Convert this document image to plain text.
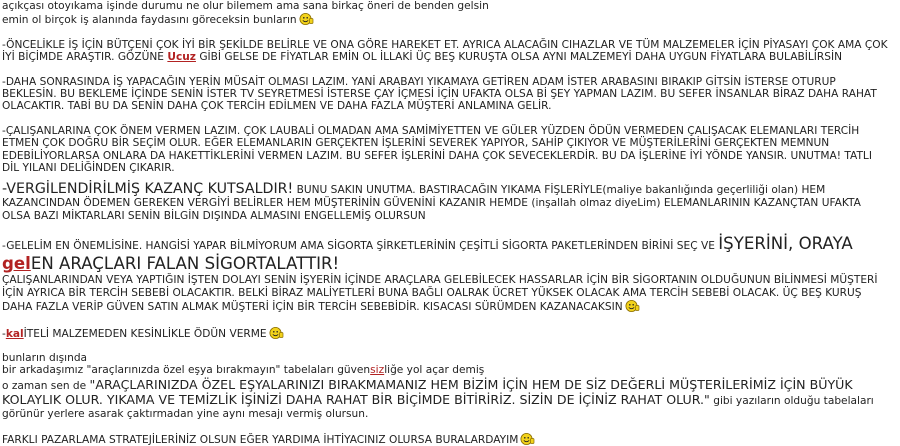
açıkçası otoyıkama işinde durumu ne olur bilemem ama sana birkaç öneri de benden gelsin

emin ol birçok iş alanında faydasını göreceksin bunların

-ÖNCELİKLE İŞ İÇİN BÜTÇENİ ÇOK İYİ BİR ŞEKİLDE BELİRLE VE ONA GÖRE HAREKET ET. AYRICA ALACAĞIN CIHAZLAR VE TÜM MALZEMELER İÇİN PİYASAYI ÇOK AMA ÇOK İYİ BİÇİMDE ARAŞTIR. GÖZÜNE Ucuz GİBİ GELSE DE FİYATLAR EMİN OL İLLAKİ ÜÇ BEŞ KURUŞTA OLSA AYNI MALZEMEYİ DAHA UYGUN FİYATLARA BULABİLİRSİN

-DAHA SONRASINDA İŞ YAPACAĞIN YERİN MÜSAİT OLMASI LAZIM. YANİ ARABAYI YIKAMAYA GETİREN ADAM İSTER ARABASINI BIRAKIP GİTSİN İSTERSE OTURUP BEKLESİN. BU BEKLEME İÇİNDE SENİN İSTER TV SEYRETMESİ İSTERSE ÇAY İÇMESİ İÇİN UFAKTA OLSA Bİ ŞEY YAPMAN LAZIM. BU SEFER İNSANLAR BİRAZ DAHA RAHAT OLACAKTIR. TABİ BU DA SENİN DAHA ÇOK TERCİH EDİLMEN VE DAHA FAZLA MÜŞTERİ ANLAMINA GELİR.

-ÇALIŞANLARINA ÇOK ÖNEM VERMEN LAZIM. ÇOK LAUBALİ OLMADAN AMA SAMİMİYETTEN VE GÜLER YÜZDEN ÖDÜN VERMEDEN ÇALIŞACAK ELEMANLARI TERCİH ETMEN ÇOK DOĞRU BİR SEÇİM OLUR. EĞER ELEMANLARIN GERÇEKTEN İŞLERİNİ SEVEREK YAPIYOR, SAHİP ÇIKIYOR VE MÜŞTERİLERİNİ GERÇEKTEN MEMNUN EDEBİLİYORLARSA ONLARA DA HAKETTİKLERİNİ VERMEN LAZIM. BU SEFER İŞLERİNİ DAHA ÇOK SEVECEKLERDİR. BU DA İŞLERİNE İYİ YÖNDE YANSIR. UNUTMA! TATLI DİL YILANI DELİĞİNDEN ÇIKARIR.

-VERGİLENDİRİLMİŞ KAZANÇ KUTSALDIR! BUNU SAKIN UNUTMA. BASTIRACAĞIN YIKAMA FİŞLERİYLE(maliye bakanlığında geçerliliği olan) HEM KAZANCINDAN ÖDEMEN GEREKEN VERGİYİ BELİRLER HEM MÜŞTERİNİN GÜVENİNİ KAZANIR HEMDE (inşallah olmaz diyeLim) ELEMANLARININ KAZANÇTAN UFAKTA OLSA BAZI MİKTARLARI SENİN BİLGİN DIŞINDA ALMASINI ENGELLEMİŞ OLURSUN

-GELELİM EN ÖNEMLİSİNE. HANGİSİ YAPAR BİLMİYORUM AMA SİGORTA ŞİRKETLERİNİN ÇEŞİTLİ SİGORTA PAKETLERİNDEN BİRİNİ SEÇ VE İŞYERİNİ, ORAYA gelEN ARAÇLARI FALAN SİGORTALATTIR!
ÇALIŞANLARINDAN VEYA YAPTIĞIN İŞTEN DOLAYI SENİN İŞYERİN İÇİNDE ARAÇLARA GELEBİLECEK HASSARLAR İÇİN BİR SİGORTANIN OLDUĞUNUN BİLİNMESİ MÜŞTERİ İÇİN AYRICA BİR TERCİH SEBEBİ OLACAKTIR. BELKİ BİRAZ MALİYETLERİ BUNA BAĞLI OALRAK ÜCRET YÜKSEK OLACAK AMA TERCİH SEBEBİ OLACAK. ÜÇ BEŞ KURUŞ DAHA FAZLA VERİP GÜVEN SATIN ALMAK MÜŞTERİ İÇİN BİR TERCİH SEBEBİDİR. KISACASI SÜRÜMDEN KAZANACAKSIN

-kalİTELİ MALZEMEDEN KESİNLİKLE ÖDÜN VERME

bunların dışında

bir arkadaşımız "araçlarınızda özel eşya bırakmayın" tabelaları güvensizliğe yol açar demiş

o zaman sen de "ARAÇLARINIZDA ÖZEL EŞYALARINIZI BIRAKMAMANIZ HEM BİZİM İÇİN HEM DE SİZ DEĞERLİ MÜŞTERİLERİMİZ İÇİN BÜYÜK KOLAYLIK OLUR. YIKAMA VE TEMİZLİK İŞİNİZİ DAHA RAHAT BİR BİÇİMDE BİTİRİRİZ. SİZİN DE İÇİNİZ RAHAT OLUR." gibi yazıların olduğu tabelaları görünür yerlere asarak çaktırmadan yine aynı mesajı vermiş olursun.

FARKLI PAZARLAMA STRATEJİLERİNİZ OLSUN EĞER YARDIMA İHTİYACINIZ OLURSA BURALARDAYIM
